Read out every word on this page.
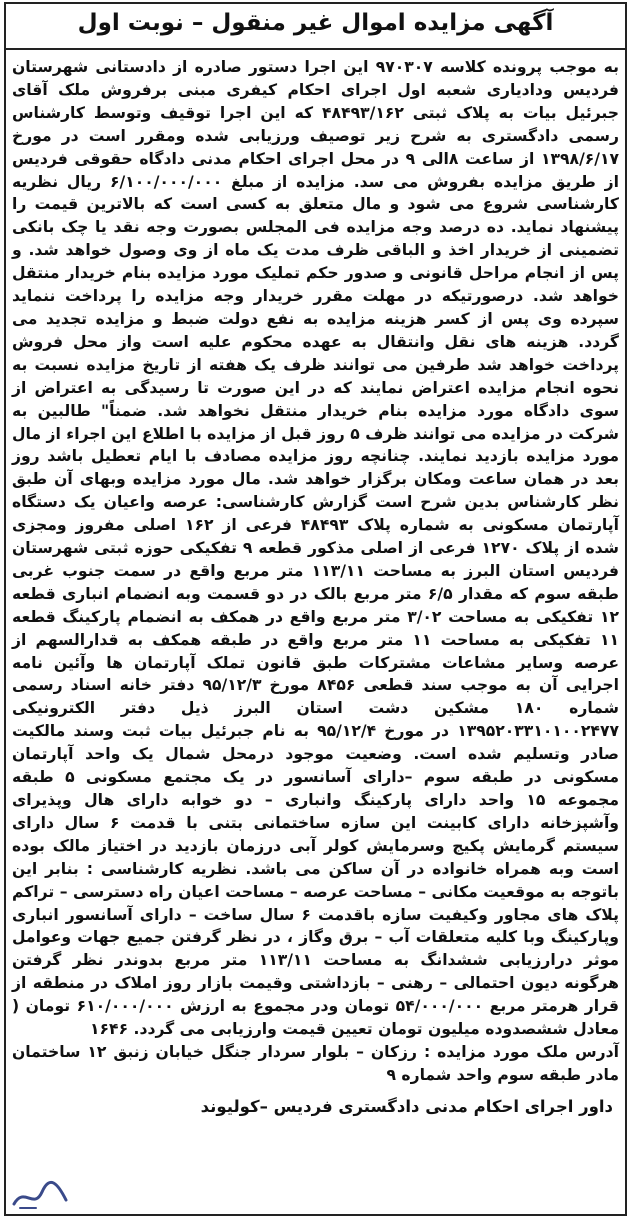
آگهی مزایده اموال غیر منقول – نوبت اول

به موجب پرونده کلاسه ۹۷۰۳۰۷ این اجرا دستور صادره از دادستانی شهرستان فردیس ودادیاری شعبه اول اجرای احکام کیفری مبنی برفروش ملک آقای جبرئیل بیات به پلاک ثبتی ۴۸۴۹۳/۱۶۲ که این اجرا توقیف وتوسط کارشناس رسمی دادگستری به شرح زیر توصیف ورزیابی شده ومقرر است در مورخ ۱۳۹۸/۶/۱۷ از ساعت ۸الی ۹ در محل اجرای احکام مدنی دادگاه حقوقی فردیس از طریق مزایده بفروش می سد. مزایده از مبلغ ۶/۱۰۰/۰۰۰/۰۰۰ ریال نظریه کارشناسی شروع می شود و مال متعلق به کسی است که بالاترین قیمت را پیشنهاد نماید. ده درصد وجه مزایده فی المجلس بصورت وجه نقد یا چک بانکی تضمینی از خریدار اخذ و الباقی ظرف مدت یک ماه از وی وصول خواهد شد. و پس از انجام مراحل قانونی و صدور حکم تملیک مورد مزایده بنام خریدار منتقل خواهد شد. درصورتیکه در مهلت مقرر خریدار وجه مزایده را پرداخت ننماید سپرده وی پس از کسر هزینه مزایده به نفع دولت ضبط و مزایده تجدید می گردد. هزینه های نقل وانتقال به عهده محکوم علیه است واز محل فروش پرداخت خواهد شد طرفین می توانند ظرف یک هفته از تاریخ مزایده نسبت به نحوه انجام مزایده اعتراض نمایند که در این صورت تا رسیدگی به اعتراض از سوی دادگاه مورد مزایده بنام خریدار منتقل نخواهد شد. ضمناً" طالبین به شرکت در مزایده می توانند ظرف ۵ روز قبل از مزایده با اطلاع این اجراء از مال مورد مزایده بازدید نمایند. چنانچه روز مزایده مصادف با ایام تعطیل باشد روز بعد در همان ساعت ومکان برگزار خواهد شد. مال مورد مزایده وبهای آن طبق نظر کارشناس بدین شرح است گزارش کارشناسی: عرصه واعیان یک دستگاه آپارتمان مسکونی به شماره پلاک ۴۸۴۹۳ فرعی از ۱۶۲ اصلی مفروز ومجزی شده از پلاک ۱۲۷۰ فرعی از اصلی مذکور قطعه ۹ تفکیکی حوزه ثبتی شهرستان فردیس استان البرز به مساحت ۱۱۳/۱۱ متر مربع واقع در سمت جنوب غربی طبقه سوم که مقدار ۶/۵ متر مربع بالک در دو قسمت وبه انضمام انباری قطعه ۱۲ تفکیکی به مساحت ۳/۰۲ متر مربع واقع در همکف به انضمام پارکینگ قطعه ۱۱ تفکیکی به مساحت ۱۱ متر مربع واقع در طبقه همکف به قدارالسهم از عرصه وسایر مشاعات مشترکات طبق قانون تملک آپارتمان ها وآئین نامه اجرایی آن به موجب سند قطعی ۸۴۵۶ مورخ ۹۵/۱۲/۳ دفتر خانه اسناد رسمی شماره ۱۸۰ مشکین دشت استان البرز ذیل دفتر الکترونیکی ۱۳۹۵۲۰۳۳۱۰۱۰۰۲۴۷۷ در مورخ ۹۵/۱۲/۴ به نام جبرئیل بیات ثبت وسند مالکیت صادر وتسلیم شده است. وضعیت موجود درمحل شمال یک واحد آپارتمان مسکونی در طبقه سوم –دارای آسانسور در یک مجتمع مسکونی ۵ طبقه مجموعه ۱۵ واحد دارای پارکینگ وانباری – دو خوابه دارای هال وپذیرای وآشپزخانه دارای کابینت این سازه ساختمانی بتنی با قدمت ۶ سال دارای سیستم گرمایش پکیج وسرمایش کولر آبی درزمان بازدید در اختیاز مالک بوده است وبه همراه خانواده در آن ساکن می باشد. نظریه کارشناسی : بنابر این باتوجه به موقعیت مکانی – مساحت عرصه – مساحت اعیان راه دسترسی – تراکم پلاک های مجاور وکیفیت سازه باقدمت ۶ سال ساخت – دارای آسانسور انباری وپارکینگ وبا کلیه متعلقات آب – برق وگاز ، در نظر گرفتن جمیع جهات وعوامل موثر درارزیابی ششدانگ به مساحت ۱۱۳/۱۱ متر مربع بدوندر نظر گرفتن هرگونه دیون احتمالی – رهنی – بازداشتی وقیمت بازار روز املاک در منطقه از قرار هرمتر مربع ۵۴/۰۰۰/۰۰۰ تومان ودر مجموع به ارزش ۶۱۰/۰۰۰/۰۰۰ تومان ( معادل ششصدوده میلیون تومان تعیین قیمت وارزیابی می گردد. ۱۶۴۶

آدرس ملک مورد مزایده : رزکان – بلوار سردار جنگل خیابان زنبق ۱۲ ساختمان مادر طبقه سوم واحد شماره ۹

داور اجرای احکام مدنی دادگستری فردیس –کولیوند
